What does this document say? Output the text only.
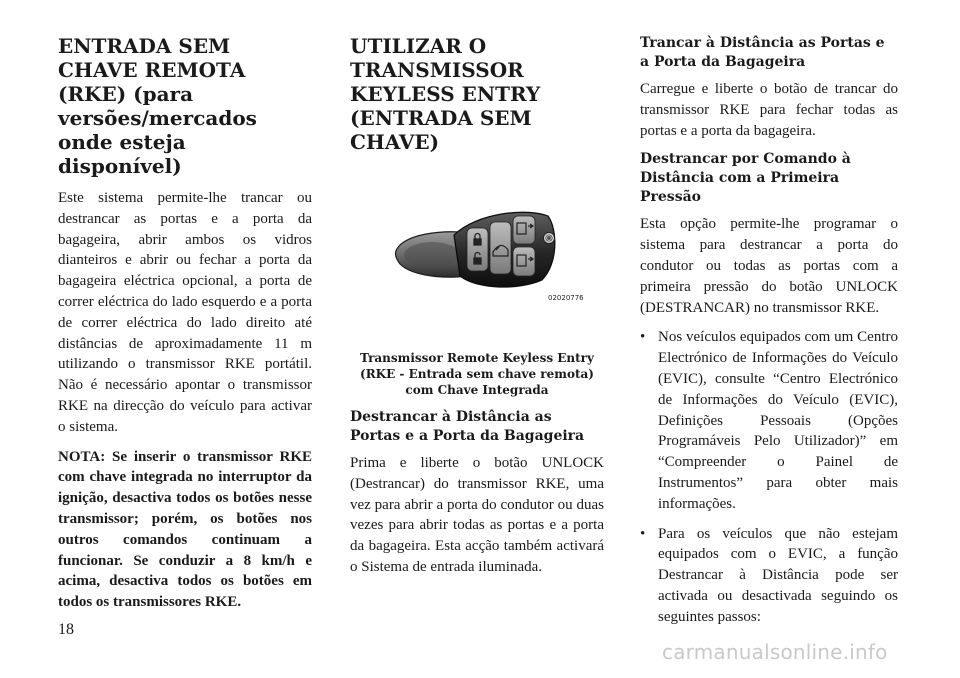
ENTRADA SEM CHAVE REMOTA (RKE) (para versões/mercados onde esteja disponível)

Este sistema permite-lhe trancar ou destrancar as portas e a porta da bagageira, abrir ambos os vidros dianteiros e abrir ou fechar a porta da bagageira eléctrica opcional, a porta de correr eléctrica do lado esquerdo e a porta de correr eléctrica do lado direito até distâncias de aproximadamente 11 m utilizando o transmissor RKE portátil. Não é necessário apontar o transmissor RKE na direcção do veículo para activar o sistema.

NOTA: Se inserir o transmissor RKE com chave integrada no interruptor da ignição, desactiva todos os botões nesse transmissor; porém, os botões nos outros comandos continuam a funcionar. Se conduzir a 8 km/h e acima, desactiva todos os botões em todos os transmissores RKE.

UTILIZAR O TRANSMISSOR KEYLESS ENTRY (ENTRADA SEM CHAVE)
02020776

Transmissor Remote Keyless Entry (RKE - Entrada sem chave remota) com Chave Integrada

Destrancar à Distância as Portas e a Porta da Bagageira

Prima e liberte o botão UNLOCK (Destrancar) do transmissor RKE, uma vez para abrir a porta do condutor ou duas vezes para abrir todas as portas e a porta da bagageira. Esta acção também activará o Sistema de entrada iluminada.

Trancar à Distância as Portas e a Porta da Bagageira

Carregue e liberte o botão de trancar do transmissor RKE para fechar todas as portas e a porta da bagageira.

Destrancar por Comando à Distância com a Primeira Pressão

Esta opção permite-lhe programar o sistema para destrancar a porta do condutor ou todas as portas com a primeira pressão do botão UNLOCK (DESTRANCAR) no transmissor RKE.

• Nos veículos equipados com um Centro Electrónico de Informações do Veículo (EVIC), consulte “Centro Electrónico de Informações do Veículo (EVIC), Definições Pessoais (Opções Programáveis Pelo Utilizador)” em “Compreender o Painel de Instrumentos” para obter mais informações.
• Para os veículos que não estejam equipados com o EVIC, a função Destrancar à Distância pode ser activada ou desactivada seguindo os seguintes passos:
18
carmanualsonline.info
